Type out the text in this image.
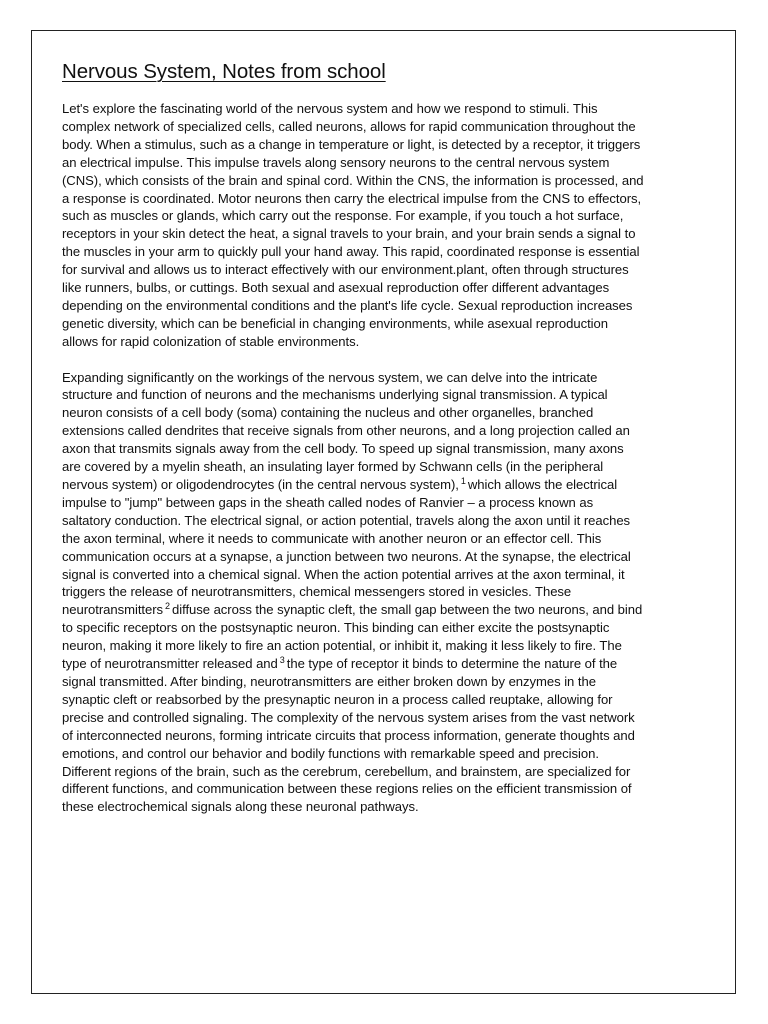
Nervous System, Notes from school

Let's explore the fascinating world of the nervous system and how we respond to stimuli. This complex network of specialized cells, called neurons, allows for rapid communication throughout the body. When a stimulus, such as a change in temperature or light, is detected by a receptor, it triggers an electrical impulse. This impulse travels along sensory neurons to the central nervous system (CNS), which consists of the brain and spinal cord. Within the CNS, the information is processed, and a response is coordinated. Motor neurons then carry the electrical impulse from the CNS to effectors, such as muscles or glands, which carry out the response. For example, if you touch a hot surface, receptors in your skin detect the heat, a signal travels to your brain, and your brain sends a signal to the muscles in your arm to quickly pull your hand away. This rapid, coordinated response is essential for survival and allows us to interact effectively with our environment.plant, often through structures like runners, bulbs, or cuttings. Both sexual and asexual reproduction offer different advantages depending on the environmental conditions and the plant's life cycle. Sexual reproduction increases genetic diversity, which can be beneficial in changing environments, while asexual reproduction allows for rapid colonization of stable environments.

Expanding significantly on the workings of the nervous system, we can delve into the intricate structure and function of neurons and the mechanisms underlying signal transmission. A typical neuron consists of a cell body (soma) containing the nucleus and other organelles, branched extensions called dendrites that receive signals from other neurons, and a long projection called an axon that transmits signals away from the cell body. To speed up signal transmission, many axons are covered by a myelin sheath, an insulating layer formed by Schwann cells (in the peripheral nervous system) or oligodendrocytes (in the central nervous system), $^1$ which allows the electrical impulse to "jump" between gaps in the sheath called nodes of Ranvier – a process known as saltatory conduction. The electrical signal, or action potential, travels along the axon until it reaches the axon terminal, where it needs to communicate with another neuron or an effector cell. This communication occurs at a synapse, a junction between two neurons. At the synapse, the electrical signal is converted into a chemical signal. When the action potential arrives at the axon terminal, it triggers the release of neurotransmitters, chemical messengers stored in vesicles. These neurotransmitters $^2$ diffuse across the synaptic cleft, the small gap between the two neurons, and bind to specific receptors on the postsynaptic neuron. This binding can either excite the postsynaptic neuron, making it more likely to fire an action potential, or inhibit it, making it less likely to fire. The type of neurotransmitter released and $^3$ the type of receptor it binds to determine the nature of the signal transmitted. After binding, neurotransmitters are either broken down by enzymes in the synaptic cleft or reabsorbed by the presynaptic neuron in a process called reuptake, allowing for precise and controlled signaling. The complexity of the nervous system arises from the vast network of interconnected neurons, forming intricate circuits that process information, generate thoughts and emotions, and control our behavior and bodily functions with remarkable speed and precision. Different regions of the brain, such as the cerebrum, cerebellum, and brainstem, are specialized for different functions, and communication between these regions relies on the efficient transmission of these electrochemical signals along these neuronal pathways.
